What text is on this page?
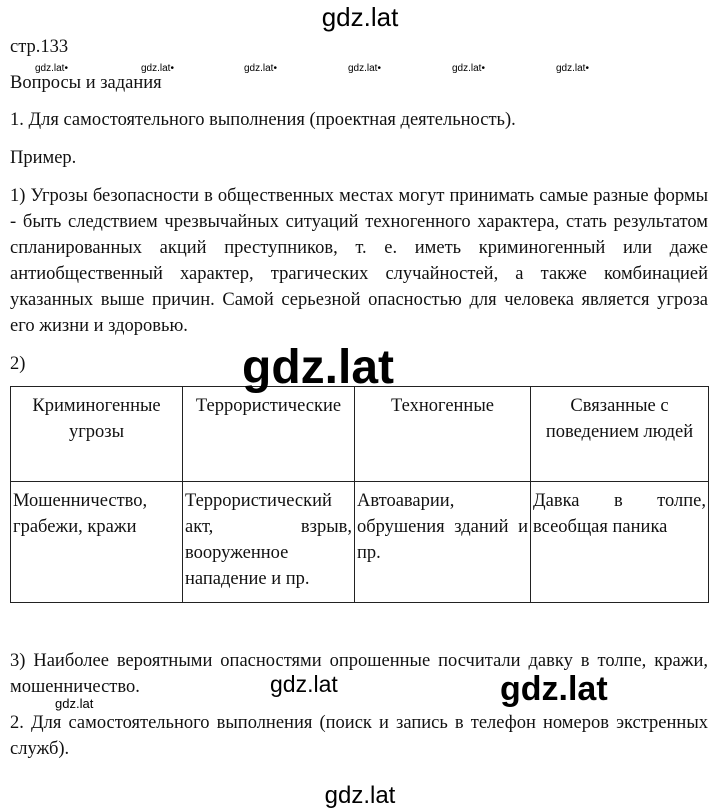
gdz.lat
gdz.lat•	gdz.lat•	gdz.lat•	gdz.lat•	gdz.lat•	gdz.lat•
стр.133
Вопросы и задания
1. Для самостоятельного выполнения (проектная деятельность).
Пример.
1) Угрозы безопасности в общественных местах могут принимать самые разные формы - быть следствием чрезвычайных ситуаций техногенного характера, стать результатом спланированных акций преступников, т. е. иметь криминогенный или даже антиобщественный характер, трагических случайностей, а также комбинацией указанных выше причин. Самой серьезной опасностью для человека является угроза его жизни и здоровью.
2)
Криминогенные угрозы	Террористические	Техногенные	Связанные с поведением людей
Мошенничество, грабежи, кражи	Террористический акт, взрыв, вооруженное нападение и пр.	Автоаварии, обрушения зданий и пр.	Давка в толпе, всеобщая паника
gdz.lat
3) Наиболее вероятными опасностями опрошенные посчитали давку в толпе, кражи, мошенничество.	gdz.lat	gdz.lat
gdz.lat
2. Для самостоятельного выполнения (поиск и запись в телефон номеров экстренных служб).
gdz.lat
